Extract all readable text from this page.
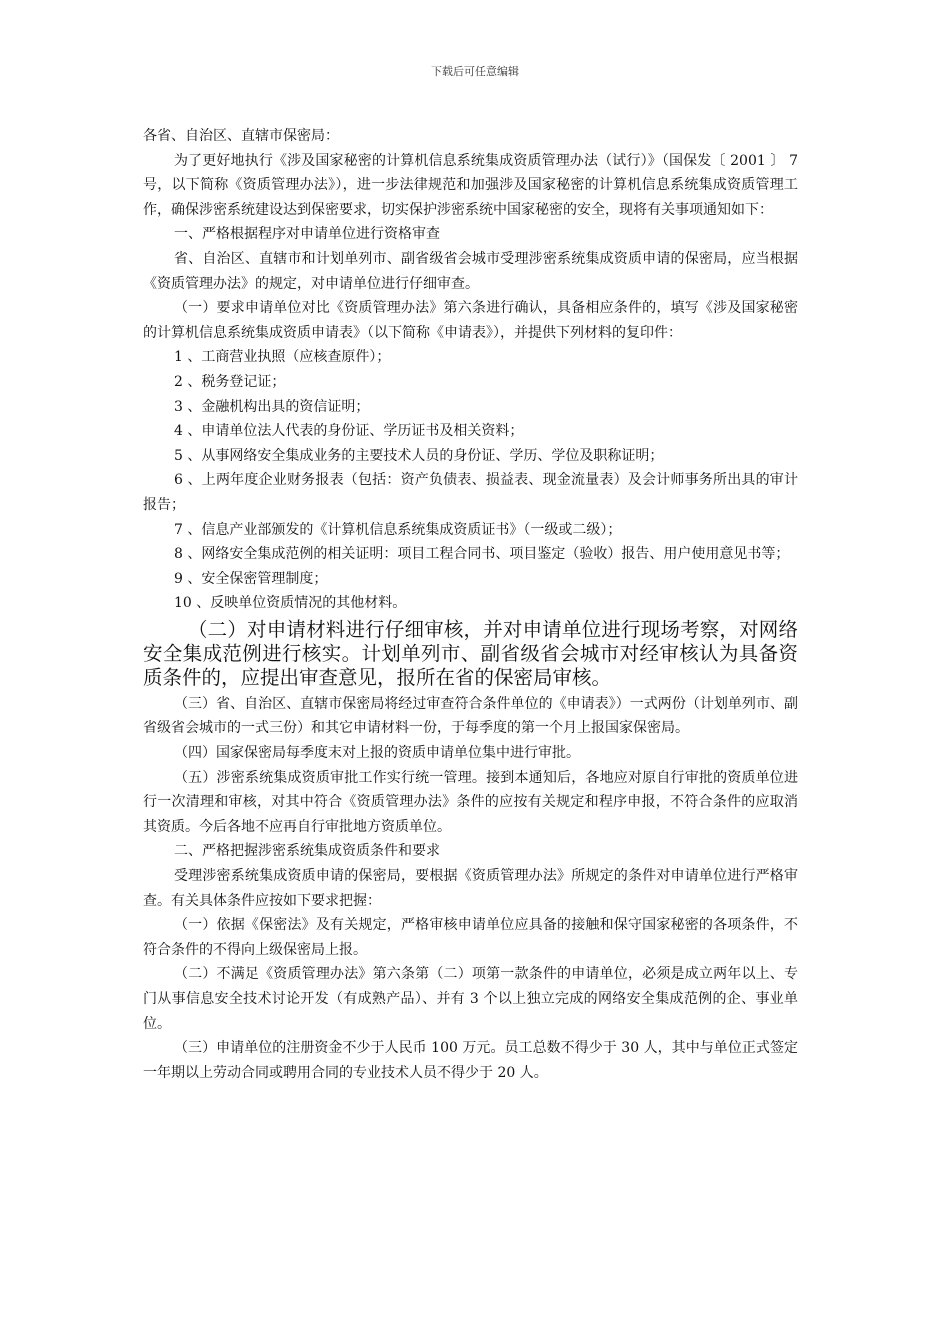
下载后可任意编辑

各省、自治区、直辖市保密局：

为了更好地执行《涉及国家秘密的计算机信息系统集成资质管理办法（试行）》（国保发〔 2001 〕 7 号，以下简称《资质管理办法》），进一步法律规范和加强涉及国家秘密的计算机信息系统集成资质管理工作，确保涉密系统建设达到保密要求，切实保护涉密系统中国家秘密的安全，现将有关事项通知如下：

一、严格根据程序对申请单位进行资格审查

省、自治区、直辖市和计划单列市、副省级省会城市受理涉密系统集成资质申请的保密局，应当根据《资质管理办法》的规定，对申请单位进行仔细审查。

（一）要求申请单位对比《资质管理办法》第六条进行确认，具备相应条件的，填写《涉及国家秘密的计算机信息系统集成资质申请表》（以下简称《申请表》），并提供下列材料的复印件：

1 、工商营业执照（应核查原件）；

2 、税务登记证；

3 、金融机构出具的资信证明；

4 、申请单位法人代表的身份证、学历证书及相关资料；

5 、从事网络安全集成业务的主要技术人员的身份证、学历、学位及职称证明；

6 、上两年度企业财务报表（包括：资产负债表、损益表、现金流量表）及会计师事务所出具的审计报告；

7 、信息产业部颁发的《计算机信息系统集成资质证书》（一级或二级）；

8 、网络安全集成范例的相关证明：项目工程合同书、项目鉴定（验收）报告、用户使用意见书等；

9 、安全保密管理制度；

10 、反映单位资质情况的其他材料。

（二）对申请材料进行仔细审核，并对申请单位进行现场考察，对网络安全集成范例进行核实。计划单列市、副省级省会城市对经审核认为具备资质条件的，应提出审查意见，报所在省的保密局审核。

（三）省、自治区、直辖市保密局将经过审查符合条件单位的《申请表》）一式两份（计划单列市、副省级省会城市的一式三份）和其它申请材料一份，于每季度的第一个月上报国家保密局。

（四）国家保密局每季度末对上报的资质申请单位集中进行审批。

（五）涉密系统集成资质审批工作实行统一管理。接到本通知后，各地应对原自行审批的资质单位进行一次清理和审核，对其中符合《资质管理办法》条件的应按有关规定和程序申报，不符合条件的应取消其资质。今后各地不应再自行审批地方资质单位。

二、严格把握涉密系统集成资质条件和要求

受理涉密系统集成资质申请的保密局，要根据《资质管理办法》所规定的条件对申请单位进行严格审查。有关具体条件应按如下要求把握：

（一）依据《保密法》及有关规定，严格审核申请单位应具备的接触和保守国家秘密的各项条件，不符合条件的不得向上级保密局上报。

（二）不满足《资质管理办法》第六条第（二）项第一款条件的申请单位，必须是成立两年以上、专门从事信息安全技术讨论开发（有成熟产品）、并有 3 个以上独立完成的网络安全集成范例的企、事业单位。

（三）申请单位的注册资金不少于人民币 100 万元。员工总数不得少于 30 人，其中与单位正式签定一年期以上劳动合同或聘用合同的专业技术人员不得少于 20 人。
